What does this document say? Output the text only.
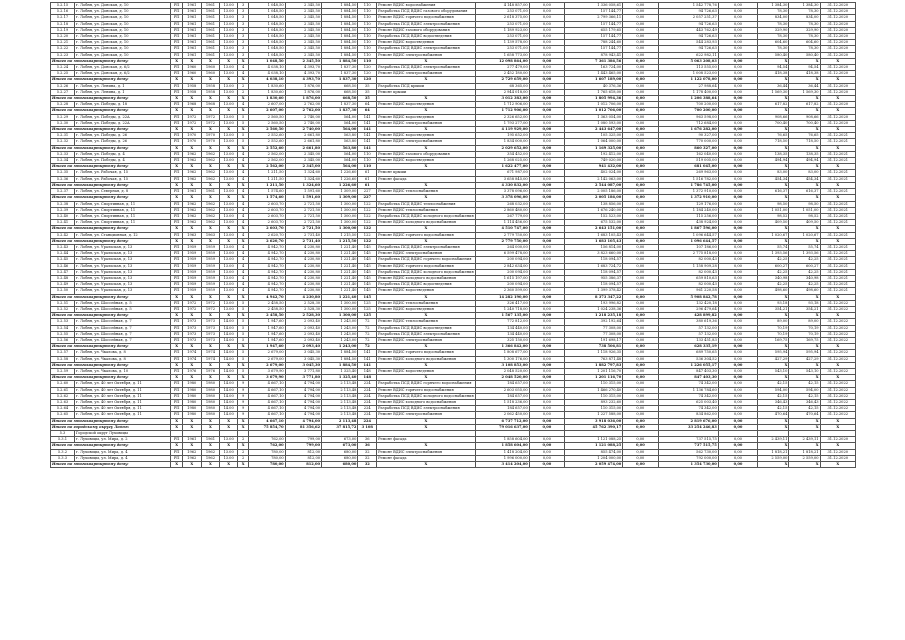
5.2.15	г. Лобня, ул. Донская, д. 10	РП	1961	1961	13.00	3	1 048,50	2 345,50	1 884,50	110	Ремонт ВДИС водоснабжения	4 148 857,00	0,00	1 336 058,61	0,00	1 542 778,76	0,00	1 384,30	1 384,30	31.12.2020
5.2.16	г. Лобня, ул. Донская, д. 10	РП	1961	1961	13.00	3	1 048,50	2 345,50	1 884,50	110	Разработка ПСД ВДИС газового оборудования	253 071,00	0,00	157 144,77	0,00	94 726,63	0,00	78,30	78,30	31.12.2020
5.2.17	г. Лобня, ул. Донская, д. 10	РП	1961	1961	13.00	3	1 048,50	2 345,50	1 884,50	110	Ремонт ВДИС горячего водоснабжения	2 618 375,00	0,00	2 799 366,11	0,00	2 057 251,37	0,00	834,00	834,00	31.12.2020
5.2.18	г. Лобня, ул. Донская, д. 10	РП	1961	1961	13.00	3	1 048,50	2 345,50	1 884,50	110	Разработка ПСД ВДИС электроснабжения	253 071,00	0,00	157 144,77	0,00	94 726,63	0,00	78,30	78,30	31.12.2020
5.2.19	г. Лобня, ул. Донская, д. 10	РП	1961	1961	13.00	3	1 048,50	2 345,50	1 884,50	110	Ремонт ВДИС газового оборудования	1 189 923,00	0,00	655 179,65	0,00	443 762,49	0,00	329,90	329,90	31.12.2020
5.2.20	г. Лобня, ул. Донская, д. 10	РП	1961	1961	13.00	3	1 048,50	2 345,50	1 884,50	110	Разработка ПСД ВДИС водоотведения	253 071,00	0,00	157 144,77	0,00	94 726,63	0,00	78,30	78,30	31.12.2020
5.2.21	г. Лобня, ул. Донская, д. 10	РП	1961	1961	13.00	3	1 048,50	2 345,50	1 884,50	110	Ремонт ВДИС водоотведения	1 139 578,00	0,00	788 244,60	0,00	544 283,93	0,00	604,60	604,60	31.12.2020
5.2.22	г. Лобня, ул. Донская, д. 10	РП	1961	1961	13.00	3	1 048,50	2 345,50	1 884,50	110	Разработка ПСД ВДИС электроснабжения	253 071,00	0,00	157 144,77	0,00	94 726,63	0,00	78,30	78,30	31.12.2020
5.2.23	г. Лобня, ул. Донская, д. 10	РП	1961	1961	13.00	3	1 048,50	2 345,50	1 884,50	110	Ремонт ВДИС электроснабжения	1 658 773,00	0,00	878 943,41	0,00	622 982,11	0,00	580,40	580,40	31.12.2020
Итого по многоквартирному дому:		X	X	X	X	X	1 048,50	2 345,50	1 884,50	110	X	12 098 864,00	0,00	7 361 386,56	0,00	5 063 208,03	0,00	X	X	X
5.2.24	г. Лобня, ул. Донская, д. 6/2	РП	1960	1960	13.00	4	4 038,10	4 393,70	1 837,30	120	Разработка ПСД ВДИС электроснабжения	277 479,00	0,00	163 724,00	0,00	113 555,00	0,00	94,54	94,54	31.12.2020
5.2.25	г. Лобня, ул. Донская, д. 6/2	РП	1960	1960	13.00	4	4 038,10	4 393,70	1 837,30	120	Ремонт ВДИС электроснабжения	2 452 180,00	0,00	1 443 465,00	0,00	1 008 523,00	0,00	418,38	418,38	31.12.2020
Итого по многоквартирному дому:		X	X	X	X	X	4 038,10	4 393,70	1 837,30	120	X	2 729 659,00	0,00	1 607 189,00	0,00	1 122 078,00	0,00	X	X	X
5.2.26	г. Лобня, ул. Ленина, д. 1	РП	1958	1958	13.00	2	1 830,60	1 876,00	668,50	35	Разработка ПСД крыши	68 365,00	0,00	40 376,36	0,00	27 988,64	0,00	36,44	36,44	31.12.2020
5.2.27	г. Лобня, ул. Ленина, д. 1	РП	1958	1958	13.00	2	1 830,60	1 876,00	668,50	35	Ремонт крыши	2 944 018,00	0,00	1 765 618,00	0,00	1 178 400,00	0,00	1 569,30	1 569,30	31.12.2020
Итого по многоквартирному дому:		X	X	X	X	X	1 830,60	1 876,00	668,50	35	X	3 012 383,00	0,00	1 805 994,36	0,00	1 206 388,64	0,00	X	X	X
5.2.28	г. Лобня, ул. Победы, д. 18	РП	1968	1968	13.00	4	2 607,00	2 762,00	1 837,30	64	Ремонт ВДИС водоотведения	1 712 906,00	0,00	1 012 706,00	0,00	700 200,00	0,00	617,82	617,82	31.12.2020
Итого по многоквартирному дому:		X	X	X	X	X	2 607,00	2 762,00	1 837,30	64	X	1 712 906,00	0,00	1 012 706,00	0,00	700 200,00	0,00	X	X	X
5.2.29	г. Лобня, ул. Победы, д. 22А	РП	1972	1972	13.00	5	2 560,50	2 740,00	564,00	141	Ремонт ВДИС водоотведения	2 326 652,00	0,00	1 363 054,00	0,00	963 598,00	0,00	908,66	908,66	31.12.2020
5.2.30	г. Лобня, ул. Победы, д. 22А	РП	1972	1972	13.00	5	2 560,50	2 740,00	564,00	141	Ремонт ВДИС электроснабжения	1 793 277,00	0,00	1 080 593,00	0,00	712 684,00	0,00	700,40	700,40	31.12.2020
Итого по многоквартирному дому:		X	X	X	X	X	2 560,50	2 740,00	564,00	141	X	4 119 929,00	0,00	2 443 647,00	0,00	1 676 282,00	0,00	X	X	X
5.2.31	г. Лобня, ул. Победы, д. 26	РП	1970	1970	13.00	5	2 552,60	2 661,80	563,80	141	Ремонт ВДИС водоотведения	195 652,00	0,00	105 325,00	0,00	90 327,00	0,00	76,65	76,65	31.12.2021
5.2.32	г. Лобня, ул. Победы, д. 26	РП	1970	1970	13.00	5	2 552,60	2 661,80	563,80	141	Ремонт ВДИС электроснабжения	1 834 000,00	0,00	1 064 000,00	0,00	770 000,00	0,00	718,50	718,50	31.12.2021
Итого по многоквартирному дому:		X	X	X	X	X	2 552,60	2 661,80	563,80	141	X	2 029 652,00	0,00	1 169 325,00	0,00	860 327,00	0,00	X	X	X
5.2.33	г. Лобня, ул. Победы, д. 4	РП	1962	1962	13.00	4	2 562,00	2 345,00	564,00	110	Ремонт ВДИС газового оборудования	354 452,00	0,00	192 412,00	0,00	162 040,00	0,00	138,35	138,35	31.12.2021
5.2.34	г. Лобня, ул. Победы, д. 4	РП	1962	1962	13.00	4	2 562,00	2 345,00	564,00	110	Ремонт ВДИС водоотведения	1 268 025,00	0,00	749 020,00	0,00	519 005,00	0,00	494,94	494,94	31.12.2021
Итого по многоквартирному дому:		X	X	X	X	X	2 562,00	2 345,00	564,00	110	X	1 622 477,00	0,00	941 432,00	0,00	681 045,00	0,00	X	X	X
5.2.35	г. Лобня, ул. Рабочая, д. 15	РП	1962	1962	13.00	4	1 211,50	1 324,60	1 226,60	61	Ремонт крыши	671 987,00	0,00	402 024,00	0,00	269 963,00	0,00	83,00	83,00	31.12.2021
5.2.36	г. Лобня, ул. Рабочая, д. 15	РП	1962	1962	13.00	4	1 211,50	1 324,60	1 226,60	61	Ремонт фасада	3 658 845,00	0,00	2 142 063,00	0,00	1 516 782,00	0,00	454,34	454,34	31.12.2021
Итого по многоквартирному дому:		X	X	X	X	X	1 211,50	1 324,60	1 226,60	61	X	4 330 832,00	0,00	2 544 087,00	0,00	1 786 745,00	0,00	X	X	X
5.2.37	г. Лобня, ул. Северная, д. 8	РП	1961	1961	13.00	4	1 574,60	1 591,60	1 309,00	227	Ремонт ВДИС теплоснабжения	3 378 096,00	0,00	2 005 186,00	0,00	1 372 910,00	0,00	616,37	616,37	31.12.2021
Итого по многоквартирному дому:		X	X	X	X	X	1 574,60	1 591,60	1 309,00	227	X	3 378 096,00	0,00	2 005 186,00	0,00	1 372 910,00	0,00	X	X	X
5.2.38	г. Лобня, ул. Спортивная, д. 11	РП	1962	1962	13.00	4	2 603,70	2 721,50	1 300,00	122	Разработка ПСД ВДИС теплоснабжения	268 032,00	0,00	138 856,00	0,00	129 176,00	0,00	98,50	98,50	31.12.2021
5.2.39	г. Лобня, ул. Спортивная, д. 11	РП	1962	1962	13.00	4	2 603,70	2 721,50	1 300,00	122	Ремонт ВДИС теплоснабжения	2 860 480,00	0,00	1 676 240,00	0,00	1 184 240,00	0,00	1 051,00	1 051,00	31.12.2021
5.2.40	г. Лобня, ул. Спортивная, д. 11	РП	1962	1962	13.00	4	2 603,70	2 721,50	1 300,00	122	Разработка ПСД ВДИС холодного водоснабжения	267 779,00	0,00	152 523,00	0,00	115 256,00	0,00	98,52	98,52	31.12.2021
5.2.41	г. Лобня, ул. Спортивная, д. 11	РП	1962	1962	13.00	4	2 603,70	2 721,50	1 300,00	122	Ремонт ВДИС холодного водоснабжения	1 114 456,00	0,00	675 532,00	0,00	438 924,00	0,00	409,50	409,50	31.12.2021
Итого по многоквартирному дому:		X	X	X	X	X	2 603,70	2 721,50	1 300,00	122	X	4 510 747,00	0,00	2 643 151,00	0,00	1 867 596,00	0,00	X	X	X
5.2.42	г. Лобня, ул. Станционная, д. 12	РП	1963	1963	13.00	4	2 620,70	2 731,40	1 215,50	122	Ремонт ВДИС горячего водоснабжения	2 779 750,00	0,00	1 683 105,43	0,00	1 096 644,57	0,00	1 020,67	1 020,67	31.12.2021
Итого по многоквартирному дому:		X	X	X	X	X	2 620,70	2 731,40	1 215,50	122	X	2 779 750,00	0,00	1 683 105,43	0,00	1 096 644,57	0,00	X	X	X
5.2.43	г. Лобня, ул. Уральская, д. 13	РП	1959	1959	13.00	4	4 942,70	4 230,80	1 221,40	145	Разработка ПСД ВДИС электроснабжения	264 000,00	0,00	156 814,00	0,00	107 186,00	0,00	55,74	55,74	31.12.2021
5.2.44	г. Лобня, ул. Уральская, д. 13	РП	1959	1959	13.00	4	4 942,70	4 230,80	1 221,40	145	Ремонт ВДИС электроснабжения	6 599 478,00	0,00	3 823 660,00	0,00	2 775 818,00	0,00	1 393,56	1 393,56	31.12.2021
5.2.45	г. Лобня, ул. Уральская, д. 13	РП	1959	1959	13.00	4	4 942,70	4 230,80	1 221,40	145	Разработка ПСД ВДИС горячего водоснабжения	200 094,00	0,00	118 094,57	0,00	82 000,43	0,00	42,25	42,25	31.12.2021
5.2.46	г. Лобня, ул. Уральская, д. 13	РП	1959	1959	13.00	4	4 942,70	4 230,80	1 221,40	145	Ремонт ВДИС горячего водоснабжения	2 842 634,00	0,00	1 683 724,72	0,00	1 158 909,28	0,00	600,27	600,27	31.12.2021
5.2.47	г. Лобня, ул. Уральская, д. 13	РП	1959	1959	13.00	4	4 942,70	4 230,80	1 221,40	145	Разработка ПСД ВДИС холодного водоснабжения	200 094,00	0,00	118 094,57	0,00	82 000,43	0,00	42,25	42,25	31.12.2021
5.2.48	г. Лобня, ул. Уральская, д. 13	РП	1959	1959	13.00	4	4 942,70	4 230,80	1 221,40	145	Ремонт ВДИС холодного водоснабжения	1 615 197,00	0,00	955 386,37	0,00	659 810,63	0,00	340,98	340,98	31.12.2021
5.2.49	г. Лобня, ул. Уральская, д. 13	РП	1959	1959	13.00	4	4 942,70	4 230,80	1 221,40	145	Разработка ПСД ВДИС водоотведения	200 094,00	0,00	118 094,57	0,00	82 000,43	0,00	42,25	42,25	31.12.2021
5.2.50	г. Лобня, ул. Уральская, д. 13	РП	1959	1959	13.00	4	4 942,70	4 230,80	1 221,40	145	Ремонт ВДИС водоотведения	2 360 599,00	0,00	1 399 378,42	0,00	961 220,58	0,00	498,60	498,60	31.12.2021
Итого по многоквартирному дому:		X	X	X	X	X	4 942,70	4 230,80	1 221,40	145	X	14 282 190,00	0,00	8 373 347,22	0,00	5 908 842,78	0,00	X	X	X
5.2.51	г. Лобня, ул. Шоссейная, д. 5	РП	1972	1972	13.00	5	2 458,50	2 528,30	1 300,00	125	Ремонт ВДИС теплоснабжения	326 417,00	0,00	193 996,82	0,00	132 420,18	0,00	93,18	93,18	31.12.2022
5.2.52	г. Лобня, ул. Шоссейная, д. 5	РП	1972	1972	13.00	5	2 458,50	2 528,30	1 300,00	125	Ремонт ВДИС водоотведения	1 240 718,00	0,00	1 024 238,36	0,00	296 479,64	0,00	354,21	354,21	31.12.2022
Итого по многоквартирному дому:		X	X	X	X	X	2 458,50	2 528,30	1 300,00	125	X	1 567 135,00	0,00	1 218 235,18	0,00	428 899,82	0,00	X	X	X
5.2.53	г. Лобня, ул. Шоссейная, д. 7	РП	1973	1973	14.00	5	1 947,60	2 093,40	1 243,00	72	Ремонт ВДИС теплоснабжения	772 812,00	0,00	392 192,64	0,00	380 619,36	0,00	89,00	89,00	31.12.2022
5.2.54	г. Лобня, ул. Шоссейная, д. 7	РП	1973	1973	14.00	5	1 947,60	2 093,40	1 243,00	72	Разработка ПСД ВДИС водоотведения	134 440,00	0,00	77 308,00	0,00	57 132,00	0,00	70,19	70,19	31.12.2022
5.2.55	г. Лобня, ул. Шоссейная, д. 7	РП	1973	1973	14.00	5	1 947,60	2 093,40	1 243,00	72	Разработка ПСД ВДИС электроснабжения	134 440,00	0,00	77 308,00	0,00	57 132,00	0,00	70,19	70,19	31.12.2022
5.2.56	г. Лобня, ул. Шоссейная, д. 7	РП	1973	1973	14.00	5	1 947,60	2 093,40	1 243,00	72	Ремонт ВДИС электроснабжения	325 150,00	0,00	191 698,17	0,00	133 451,83	0,00	169,75	169,75	31.12.2022
Итого по многоквартирному дому:		X	X	X	X	X	1 947,60	2 093,40	1 243,00	72	X	1 366 842,00	0,00	738 506,81	0,00	628 335,19	0,00	X	X	X
5.2.57	г. Лобня, ул. Чкалова, д. 8	РП	1974	1974	14.00	5	2 679,00	3 045,30	1 884,50	141	Ремонт ВДИС горячего водоснабжения	1 808 677,00	0,00	1 118 926,35	0,00	689 750,65	0,00	595,94	595,94	31.12.2022
5.2.58	г. Лобня, ул. Чкалова, д. 8	РП	1974	1974	14.00	5	2 679,00	3 045,30	1 884,50	141	Ремонт ВДИС холодного водоснабжения	1 300 176,00	0,00	763 871,48	0,00	536 304,52	0,00	427,29	427,29	31.12.2022
Итого по многоквартирному дому:		X	X	X	X	X	2 679,00	3 045,30	1 884,50	141	X	3 108 853,00	0,00	1 882 797,83	0,00	1 226 055,17	0,00	X	X	X
5.2.59	г. Лобня, ул. Чкалова, д. 10	РП	1976	1976	14.00	5	3 679,90	3 771,80	1 325,40	148	Ремонт ВДИС водоотведения	2 048 520,00	0,00	1 201 116,70	0,00	847 403,30	0,00	543,10	543,10	31.12.2022
Итого по многоквартирному дому:		X	X	X	X	X	3 679,90	3 771,80	1 325,40	148	X	2 048 520,00	0,00	1 201 116,70	0,00	847 403,30	0,00	X	X	X
5.2.60	г. Лобня, ул. 40 лет Октября, д. 11	РП	1980	1980	14.00	9	4 667,10	4 794,00	2 113,48	224	Разработка ПСД ВДИС горячего водоснабжения	184 657,00	0,00	110 315,00	0,00	74 342,00	0,00	42,15	42,15	31.12.2022
5.2.61	г. Лобня, ул. 40 лет Октября, д. 11	РП	1980	1980	14.00	9	4 667,10	4 794,00	2 113,48	224	Ремонт ВДИС горячего водоснабжения	2 603 055,00	0,00	1 466 270,40	0,00	1 136 784,60	0,00	594,00	594,00	31.12.2022
5.2.62	г. Лобня, ул. 40 лет Октября, д. 11	РП	1980	1980	14.00	9	4 667,10	4 794,00	2 113,48	224	Разработка ПСД ВДИС холодного водоснабжения	184 657,00	0,00	110 315,00	0,00	74 342,00	0,00	42,15	42,15	31.12.2022
5.2.63	г. Лобня, ул. 40 лет Октября, д. 11	РП	1980	1980	14.00	9	4 667,10	4 794,00	2 113,48	224	Ремонт ВДИС холодного водоснабжения	1 518 236,00	0,00	893 232,60	0,00	625 003,40	0,00	346,43	346,43	31.12.2022
5.2.64	г. Лобня, ул. 40 лет Октября, д. 11	РП	1980	1980	14.00	9	4 667,10	4 794,00	2 113,48	224	Разработка ПСД ВДИС электроснабжения	184 657,00	0,00	110 315,00	0,00	74 342,00	0,00	42,15	42,15	31.12.2022
5.2.65	г. Лобня, ул. 40 лет Октября, д. 11	РП	1980	1980	14.00	9	4 667,10	4 794,00	2 113,48	224	Ремонт ВДИС электроснабжения	2 062 450,00	0,00	1 227 588,00	0,00	834 862,00	0,00	470,64	470,64	31.12.2022
Итого по многоквартирному дому:		X	X	X	X	X	4 667,10	4 794,00	2 113,48	224	X	6 737 712,00	0,00	3 918 036,00	0,00	2 819 676,00	0,00	X	X	X
Итого по городскому округу Лобня:		X	X	X	X	X	75 854,70	81 356,62	37 815,72	3 108	X	79 016 637,00	0,00	45 762 390,17	0,00	33 254 246,83	0,00	X	X	X
5.3	Городской округ Луховицы																			
5.3.1	г. Луховицы, ул. Мира, д. 2	РП	1961	1961	13.00	2	762,00	799,00	673,00	36	Ремонт фасада	1 858 604,00	0,00	1 121 088,25	0,00	737 515,75	0,00	2 439,11	2 439,11	31.12.2020
Итого по многоквартирному дому:		X	X	X	X	X	762,00	799,00	673,00	36	X	1 858 604,00	0,00	1 121 088,25	0,00	737 515,75	0,00	X	X	X
5.3.2	г. Луховицы, ул. Мира, д. 4	РП	1962	1962	13.00	2	780,00	812,00	680,00	32	Ремонт ВДИС электроснабжения	1 418 204,00	0,00	855 474,00	0,00	562 730,00	0,00	1 818,21	1 818,21	31.12.2020
5.3.3	г. Луховицы, ул. Мира, д. 4	РП	1962	1962	13.00	2	780,00	812,00	680,00	32	Ремонт фасада	1 996 000,00	0,00	1 204 000,00	0,00	792 000,00	0,00	2 559,00	2 559,00	31.12.2020
Итого по многоквартирному дому:		X	X	X	X	X	780,00	812,00	680,00	32	X	3 414 204,00	0,00	2 059 474,00	0,00	1 354 730,00	0,00	X	X	X
